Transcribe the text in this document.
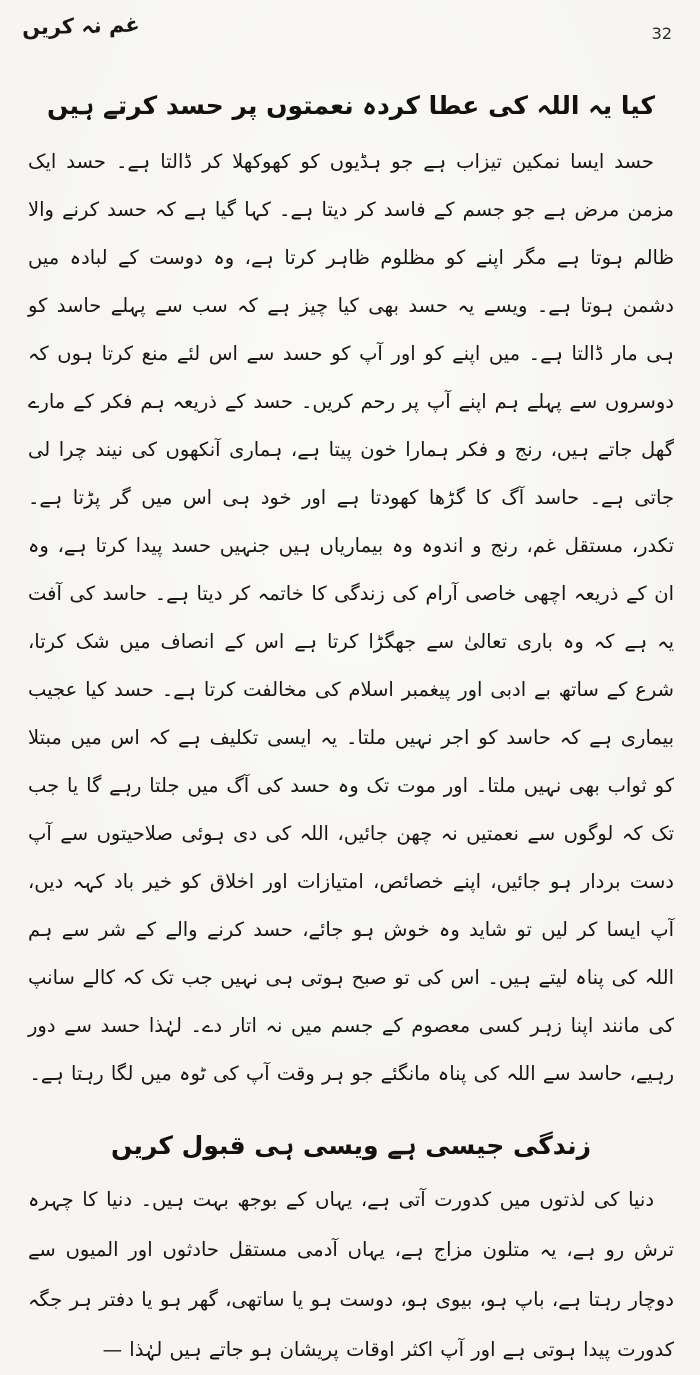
غم نہ کریں	32
کیا یہ اللہ کی عطا کردہ نعمتوں پر حسد کرتے ہیں

حسد ایسا نمکین تیزاب ہے جو ہڈیوں کو کھوکھلا کر ڈالتا ہے۔ حسد ایک مزمن مرض ہے جو جسم کے فاسد کر دیتا ہے۔ کہا گیا ہے کہ حسد کرنے والا ظالم ہوتا ہے مگر اپنے کو مظلوم ظاہر کرتا ہے، وہ دوست کے لبادہ میں دشمن ہوتا ہے۔ ویسے یہ حسد بھی کیا چیز ہے کہ سب سے پہلے حاسد کو ہی مار ڈالتا ہے۔ میں اپنے کو اور آپ کو حسد سے اس لئے منع کرتا ہوں کہ دوسروں سے پہلے ہم اپنے آپ پر رحم کریں۔ حسد کے ذریعہ ہم فکر کے مارے گھل جاتے ہیں، رنج و فکر ہمارا خون پیتا ہے، ہماری آنکھوں کی نیند چرا لی جاتی ہے۔ حاسد آگ کا گڑھا کھودتا ہے اور خود ہی اس میں گر پڑتا ہے۔ تکدر، مستقل غم، رنج و اندوہ وہ بیماریاں ہیں جنہیں حسد پیدا کرتا ہے، وہ ان کے ذریعہ اچھی خاصی آرام کی زندگی کا خاتمہ کر دیتا ہے۔ حاسد کی آفت یہ ہے کہ وہ باری تعالیٰ سے جھگڑا کرتا ہے اس کے انصاف میں شک کرتا، شرع کے ساتھ بے ادبی اور پیغمبر اسلام کی مخالفت کرتا ہے۔ حسد کیا عجیب بیماری ہے کہ حاسد کو اجر نہیں ملتا۔ یہ ایسی تکلیف ہے کہ اس میں مبتلا کو ثواب بھی نہیں ملتا۔ اور موت تک وہ حسد کی آگ میں جلتا رہے گا یا جب تک کہ لوگوں سے نعمتیں نہ چھن جائیں، اللہ کی دی ہوئی صلاحیتوں سے آپ دست بردار ہو جائیں، اپنے خصائص، امتیازات اور اخلاق کو خیر باد کہہ دیں، آپ ایسا کر لیں تو شاید وہ خوش ہو جائے، حسد کرنے والے کے شر سے ہم اللہ کی پناہ لیتے ہیں۔ اس کی تو صبح ہوتی ہی نہیں جب تک کہ کالے سانپ کی مانند اپنا زہر کسی معصوم کے جسم میں نہ اتار دے۔ لہٰذا حسد سے دور رہیے، حاسد سے اللہ کی پناہ مانگئے جو ہر وقت آپ کی ٹوہ میں لگا رہتا ہے۔

زندگی جیسی ہے ویسی ہی قبول کریں

دنیا کی لذتوں میں کدورت آتی ہے، یہاں کے بوجھ بہت ہیں۔ دنیا کا چہرہ ترش رو ہے، یہ متلون مزاج ہے، یہاں آدمی مستقل حادثوں اور المیوں سے دوچار رہتا ہے، باپ ہو، بیوی ہو، دوست ہو یا ساتھی، گھر ہو یا دفتر ہر جگہ کدورت پیدا ہوتی ہے اور آپ اکثر اوقات پریشان ہو جاتے ہیں لہٰذا —
